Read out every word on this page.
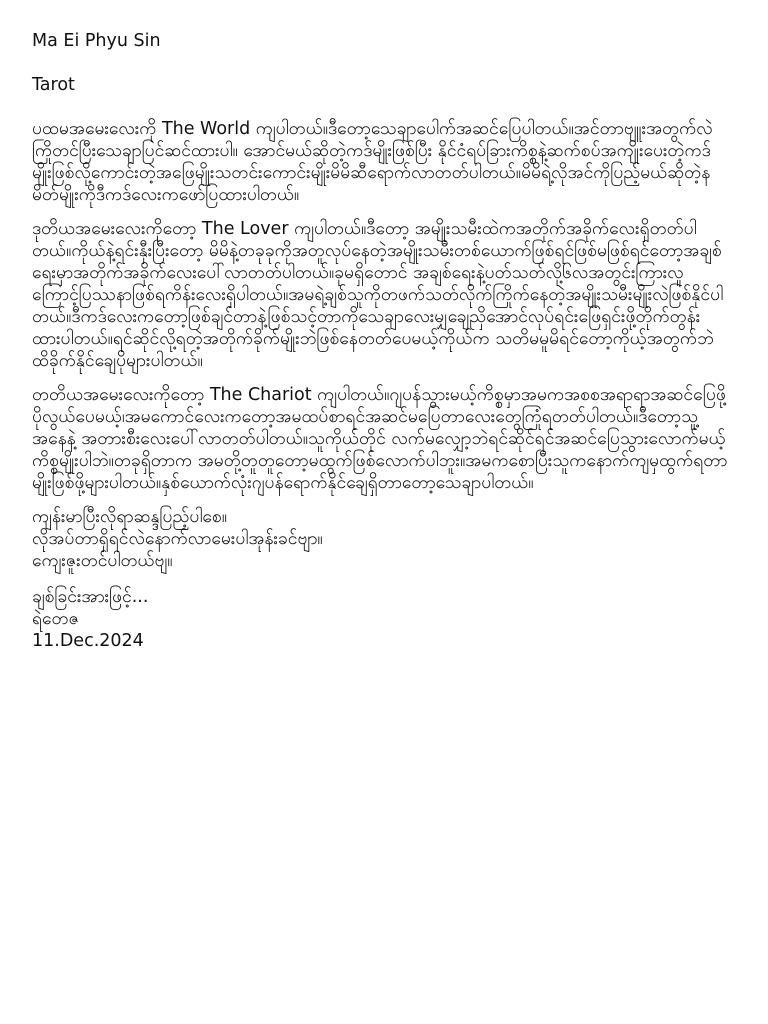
Ma Ei Phyu Sin
Tarot

ပထမအမေးလေးကို The World ကျပါတယ်။ဒီတော့သေချာပေါက်အဆင်ပြေပါတယ်။အင်တာဗျူးအတွက်လဲကြိုတင်ပြီးသေချာပြင်ဆင်ထားပါ။ အောင်မယ်ဆိုတဲ့ကဒ်မျိုးဖြစ်ပြီး နိုင်ငံရပ်ခြားကိစ္စနဲ့ဆက်စပ်အကျိုးပေးတဲ့ကဒ်မျိုးဖြစ်လို့ကောင်းတဲ့အဖြေမျိုးသတင်းကောင်းမျိုးမိမိဆီရောက်လာတတ်ပါတယ်။မိမိရဲ့လိုအင်ကိုပြည့်မယ်ဆိုတဲ့နမိတ်မျိုးကိုဒီကဒ်လေးကဖော်ပြထားပါတယ်။

ဒုတိယအမေးလေးကိုတော့ The Lover ကျပါတယ်။ဒီတော့ အမျိုးသမီးထဲကအတိုက်အခိုက်လေးရှိတတ်ပါတယ်။ကိုယ်နဲ့ရင်းနှီးပြီးတော့ မိမိနဲ့တခုခုကိုအတူလုပ်နေတဲ့အမျိုးသမီးတစ်ယောက်ဖြစ်ရင်ဖြစ်မဖြစ်ရင်တော့အချစ်ရေးမှာအတိုက်အခိုက်လေးပေါ်လာတတ်ပါတယ်။ခုမရှိတောင် အချစ်ရေးနဲ့ပတ်သတ်လို့၆လအတွင်းကြားလူကြောင့်ပြဿနာဖြစ်ရကိန်းလေးရှိပါတယ်။အမရဲ့ချစ်သူကိုတဖက်သတ်လိုက်ကြိုက်နေတဲ့အမျိုးသမီးမျိုးလဲဖြစ်နိုင်ပါတယ်။ဒီကဒ်လေးကတော့ဖြစ်ချင်တာနဲ့ဖြစ်သင့်တာကိုသေချာလေးမျှချေညှိအောင်လုပ်ရင်းဖြေရှင်းဖို့တိုက်တွန်းထားပါတယ်။ရင်ဆိုင်လို့ရတဲ့အတိုက်ခိုက်မျိုးဘဲဖြစ်နေတတ်ပေမယ့်ကိုယ်က သတိမမူမိရင်တော့ကိုယ့်အတွက်ဘဲထိခိုက်နိုင်ချေပိုများပါတယ်။

တတိယအမေးလေးကိုတော့ The Chariot ကျပါတယ်။ဂျပန်သွားမယ့်ကိစ္စမှာအမကအစစအရာရာအဆင်ပြေဖို့ပိုလွယ်ပေမယ့်၊အမကောင်လေးကတော့အမထပ်စာရင်အဆင်မပြေတာလေးတွေကြုံရတတ်ပါတယ်။ဒီတော့သူ့အနေနဲ့ အတားစီးလေးပေါ်လာတတ်ပါတယ်။သူကိုယ်တိုင် လက်မလျှော့ဘဲရင်ဆိုင်ရင်အဆင်ပြေသွားလောက်မယ့်ကိစ္စမျိုးပါဘဲ။တခုရှိတာက အမတို့တူတူတော့မထွက်ဖြစ်လောက်ပါဘူး။အမကစောပြီးသူကနောက်ကျမှထွက်ရတာမျိုးဖြစ်ဖို့များပါတယ်။နှစ်ယောက်လုံးဂျပန်ရောက်နိုင်ချေရှိတာတော့သေချာပါတယ်။

ကျန်းမာပြီးလိုရာဆန္ဒပြည့်ပါစေ။
လိုအပ်တာရှိရင်လဲနောက်လာမေးပါအုန်းခင်ဗျာ။
ကျေးဇူးတင်ပါတယ်ဗျ။
ချစ်ခြင်းအားဖြင့်...
ရဲတေဇ
11.Dec.2024
